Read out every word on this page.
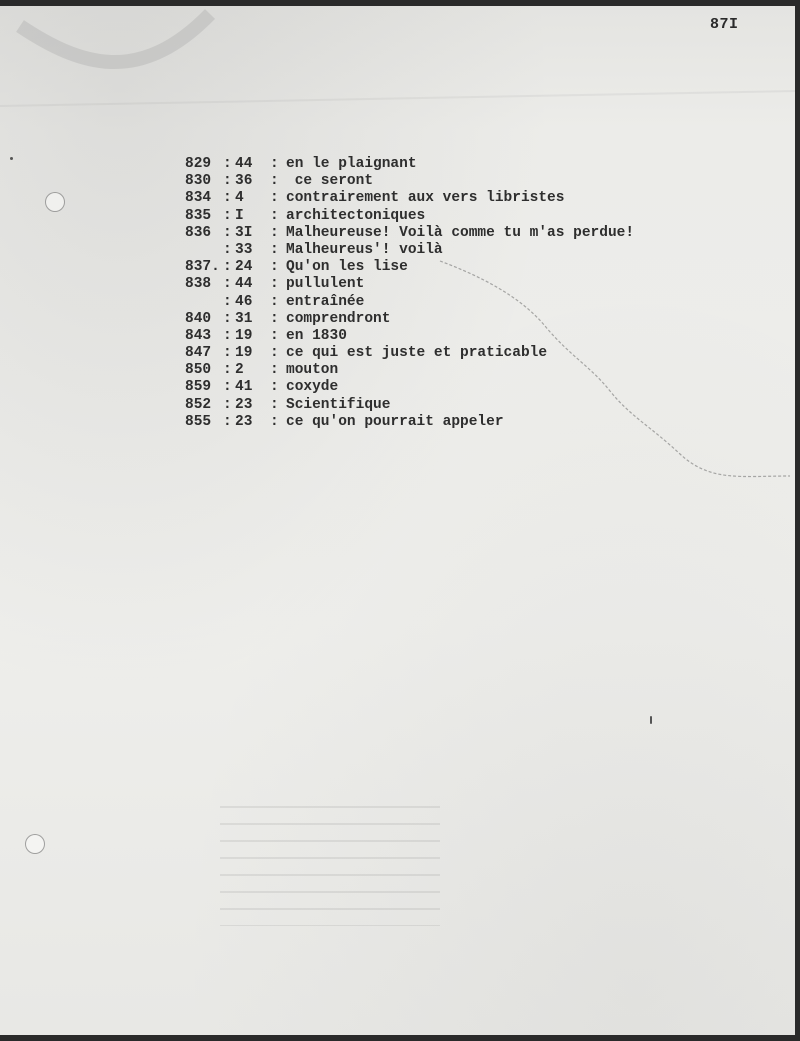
87I
829 : 44	: en le plaignant
830 : 36	: ce seront
834 : 4	: contrairement aux vers libristes
835 : I	: architectoniques
836 : 3I	: Malheureuse! Voilà comme tu m'as perdue!
: 33	: Malheureus'! voilà
837. : 24	: Qu'on les lise
838 : 44	: pullulent
: 46	: entraînée
840 : 31	: comprendront
843 : 19	: en 1830
847 : 19	: ce qui est juste et praticable
850 : 2	: mouton
859 : 41	: coxyde
852 : 23	: Scientifique
855 : 23	: ce qu'on pourrait appeler
